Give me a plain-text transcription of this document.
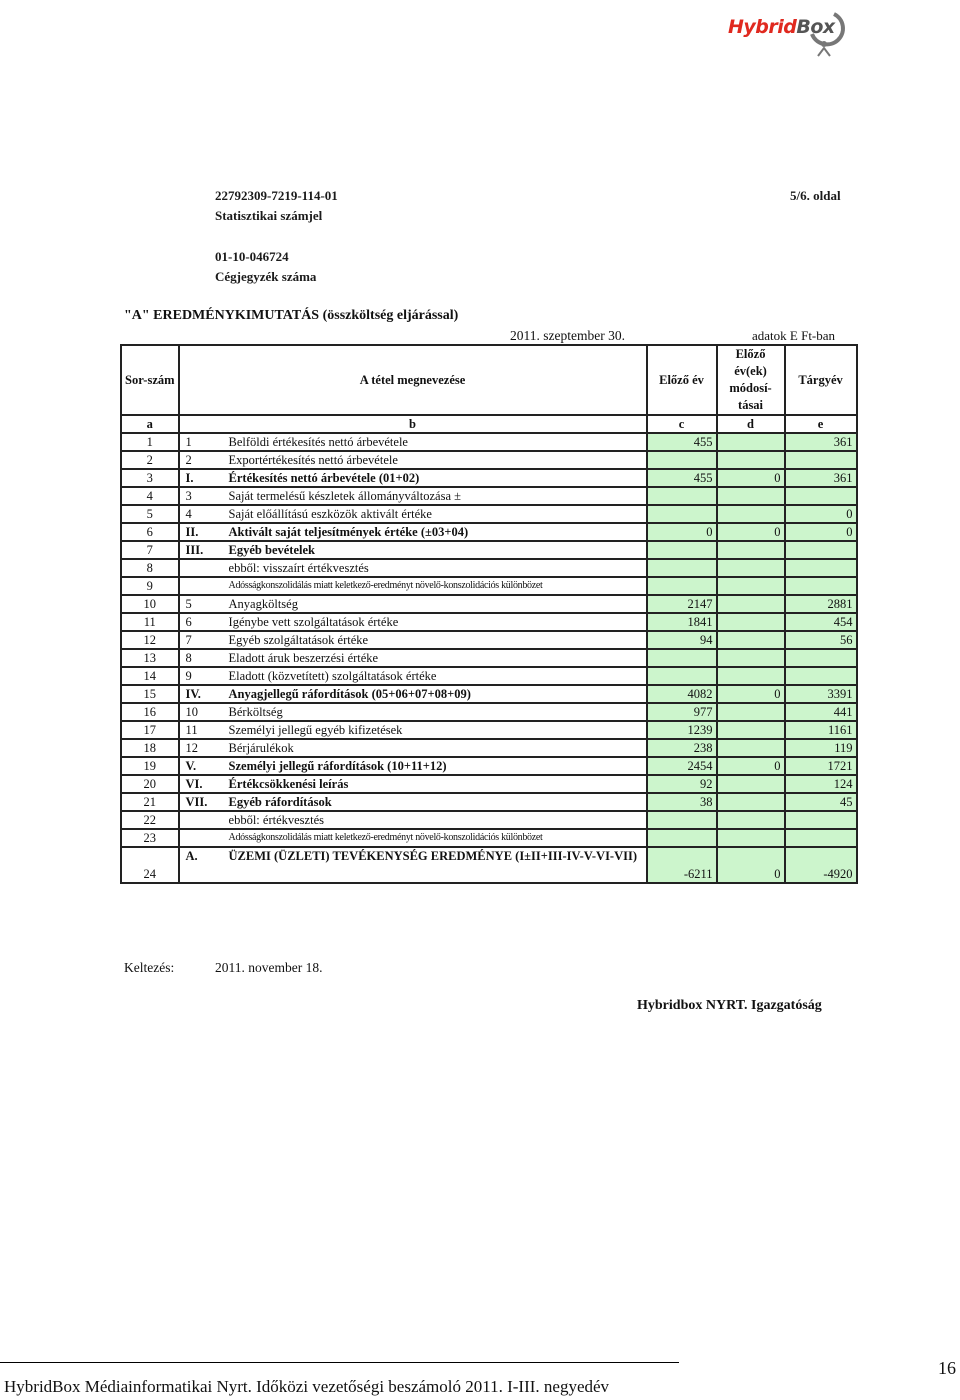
HybridBox
22792309-7219-114-01
Statisztikai számjel
5/6. oldal
01-10-046724
Cégjegyzék száma
"A" EREDMÉNYKIMUTATÁS (összköltség eljárással)
2011. szeptember 30.	adatok E Ft-ban
Sor-szám	A tétel megnevezése		Előző év	Előző év(ek) módosí-tásai	Tárgyév
a	b		c	d	e
1	1	Belföldi értékesítés nettó árbevétele	455		361
2	2	Exportértékesítés nettó árbevétele			
3	I.	Értékesítés nettó árbevétele (01+02)	455	0	361
4	3	Saját termelésű készletek állományváltozása ±			
5	4	Saját előállítású eszközök aktivált értéke			0
6	II.	Aktivált saját teljesítmények értéke (±03+04)	0	0	0
7	III.	Egyéb bevételek			
8		ebből: visszaírt értékvesztés			
9		Adósságkonszolidálás miatt keletkező-eredményt növelő-konszolidációs különbözet			
10	5	Anyagköltség	2147		2881
11	6	Igénybe vett szolgáltatások értéke	1841		454
12	7	Egyéb szolgáltatások értéke	94		56
13	8	Eladott áruk beszerzési értéke			
14	9	Eladott (közvetített) szolgáltatások értéke			
15	IV.	Anyagjellegű ráfordítások (05+06+07+08+09)	4082	0	3391
16	10	Bérköltség	977		441
17	11	Személyi jellegű egyéb kifizetések	1239		1161
18	12	Bérjárulékok	238		119
19	V.	Személyi jellegű ráfordítások (10+11+12)	2454	0	1721
20	VI.	Értékcsökkenési leírás	92		124
21	VII.	Egyéb ráfordítások	38		45
22		ebből: értékvesztés			
23		Adósságkonszolidálás miatt keletkező-eredményt növelő-konszolidációs különbözet			
24	A.	ÜZEMI (ÜZLETI) TEVÉKENYSÉG EREDMÉNYE (I±II+III-IV-V-VI-VII)	-6211	0	-4920
Keltezés:	2011. november 18.
Hybridbox NYRT. Igazgatóság
HybridBox Médiainformatikai Nyrt. Időközi vezetőségi beszámoló 2011. I-III. negyedév
16
